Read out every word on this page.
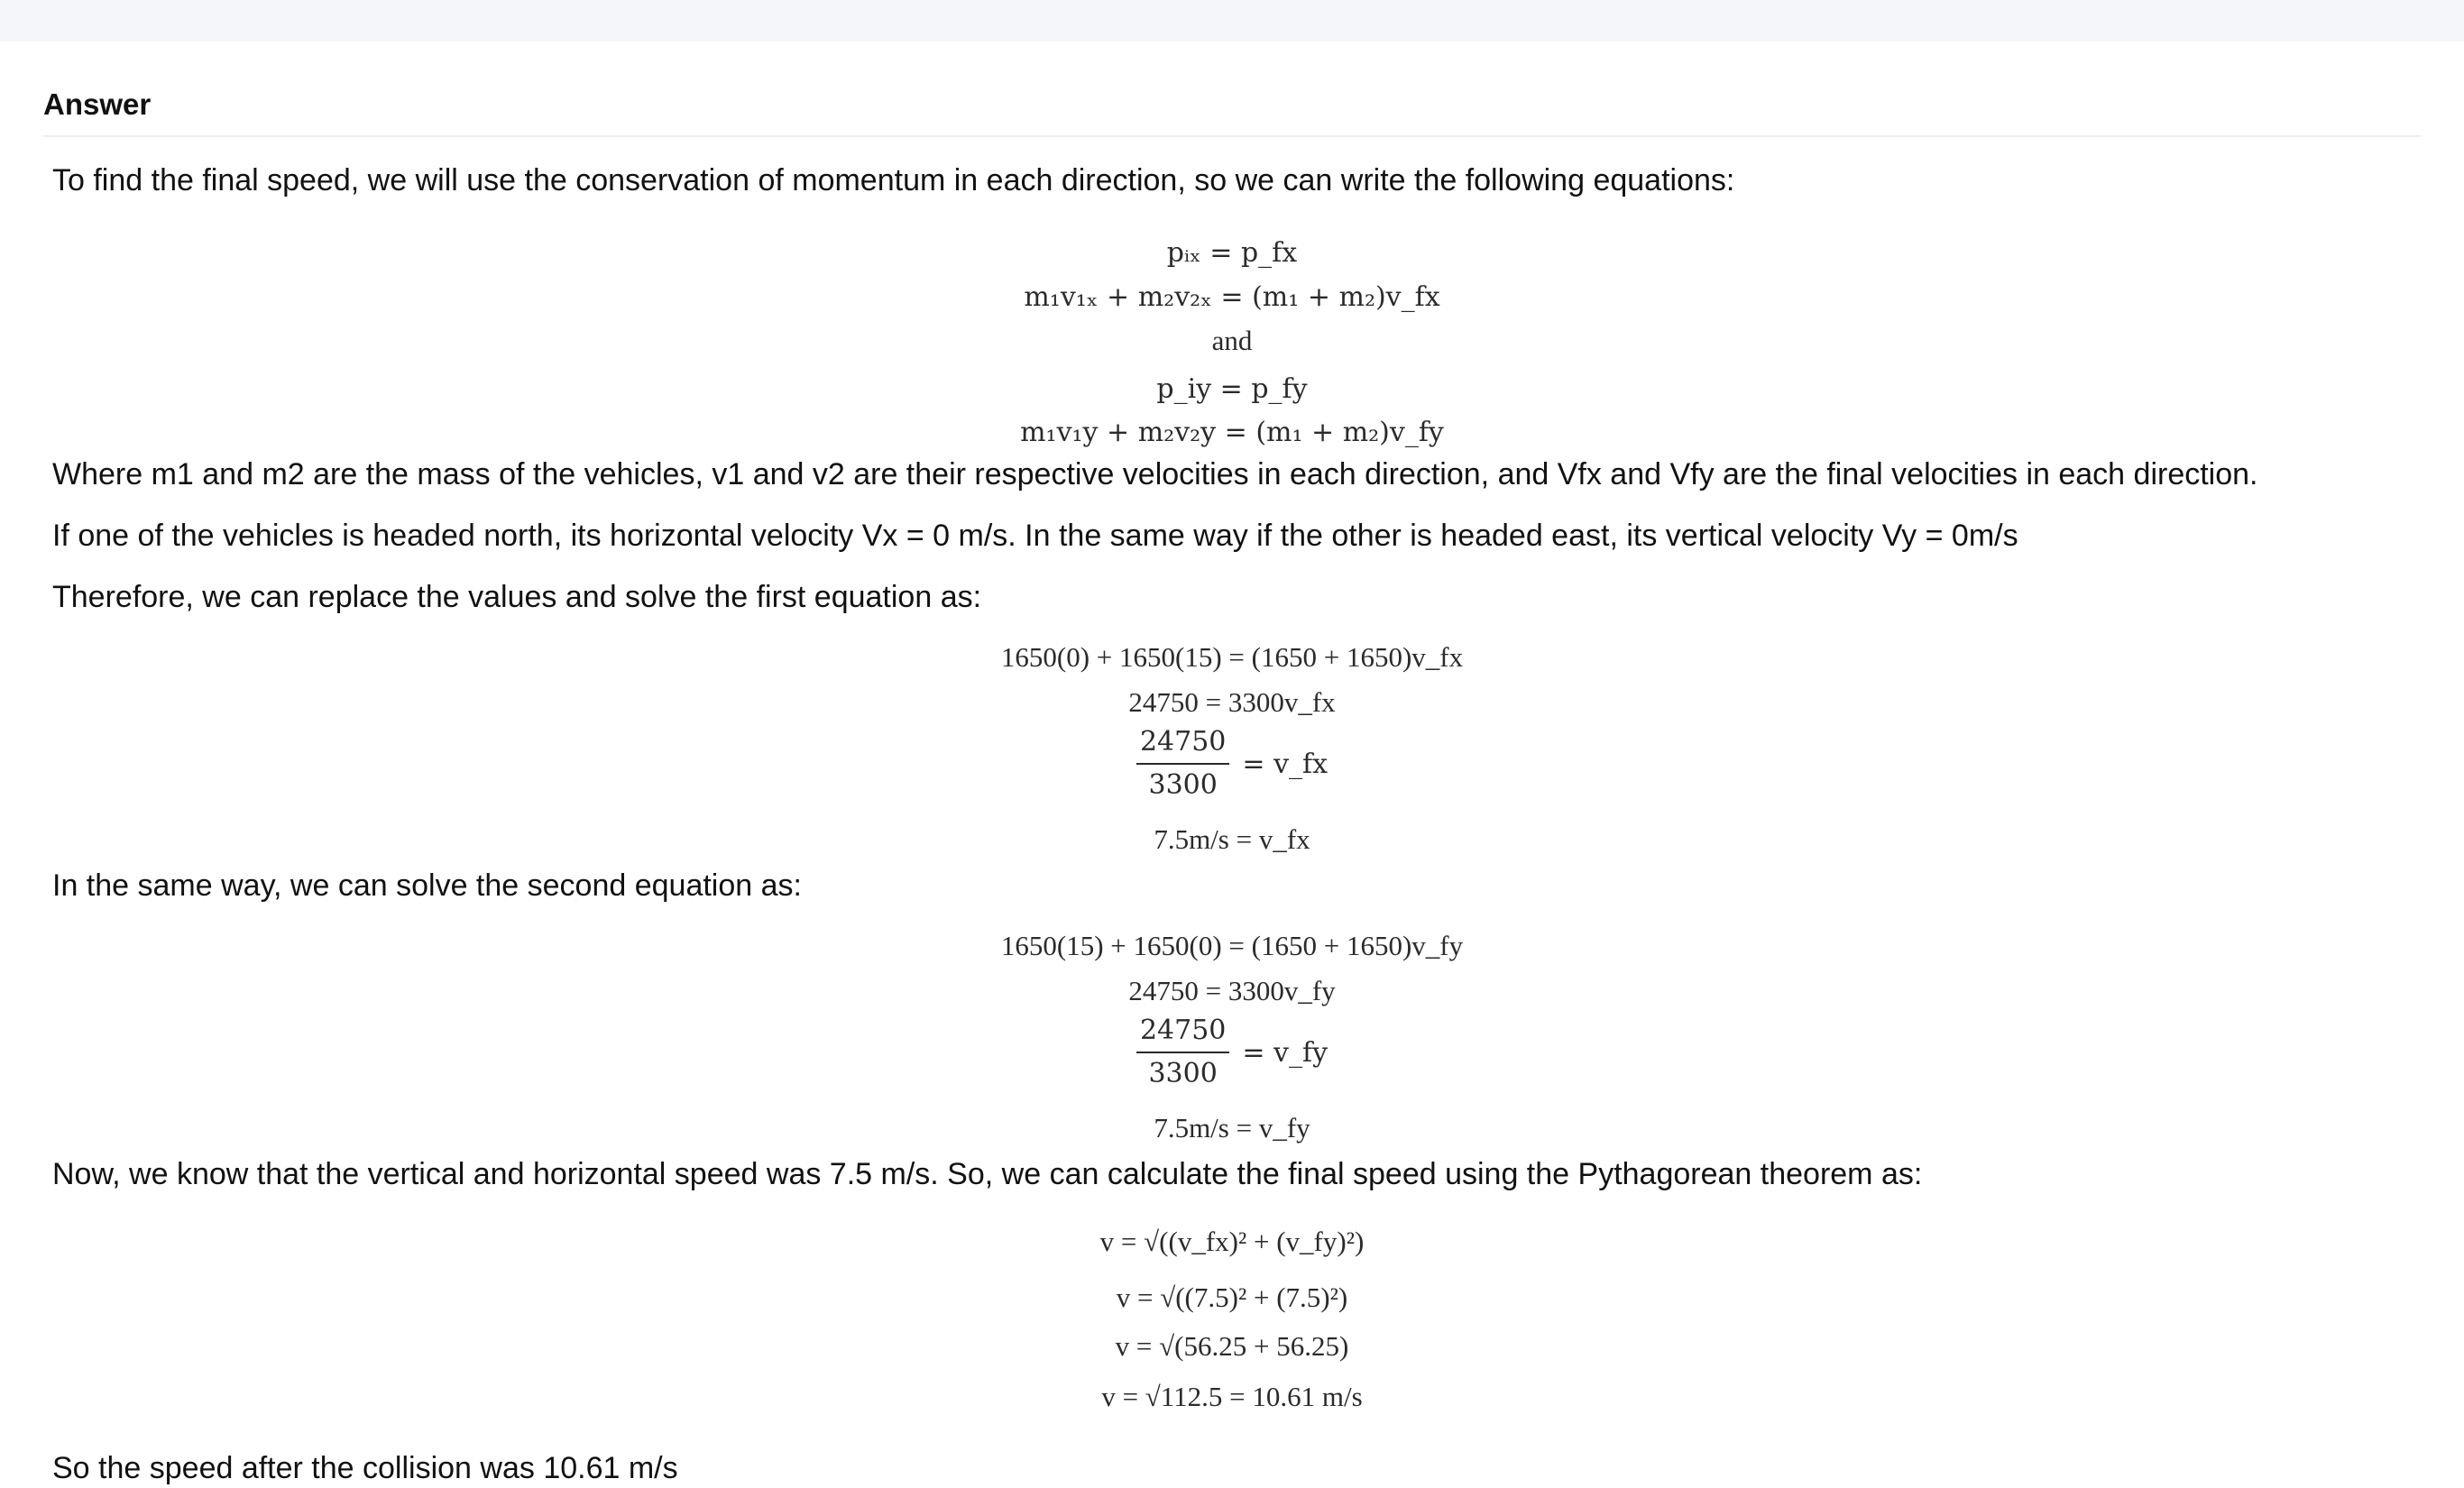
Answer

To find the final speed, we will use the conservation of momentum in each direction, so we can write the following equations:

pᵢₓ = p_fx
m₁v₁ₓ + m₂v₂ₓ = (m₁ + m₂)v_fx
and
p_iy = p_fy
m₁v₁y + m₂v₂y = (m₁ + m₂)v_fy

Where m1 and m2 are the mass of the vehicles, v1 and v2 are their respective velocities in each direction, and Vfx and Vfy are the final velocities in each direction.

If one of the vehicles is headed north, its horizontal velocity Vx = 0 m/s. In the same way if the other is headed east, its vertical velocity Vy = 0m/s

Therefore, we can replace the values and solve the first equation as:

1650(0) + 1650(15) = (1650 + 1650)v_fx
24750 = 3300v_fx
$\frac{24750}{3300}$ = v_fx
7.5m/s = v_fx

In the same way, we can solve the second equation as:

1650(15) + 1650(0) = (1650 + 1650)v_fy
24750 = 3300v_fy
$\frac{24750}{3300}$ = v_fy
7.5m/s = v_fy

Now, we know that the vertical and horizontal speed was 7.5 m/s. So, we can calculate the final speed using the Pythagorean theorem as:

v = √((v_fx)² + (v_fy)²)
v = √((7.5)² + (7.5)²)
v = √(56.25 + 56.25)
v = √112.5 = 10.61 m/s
So the speed after the collision was 10.61 m/s
